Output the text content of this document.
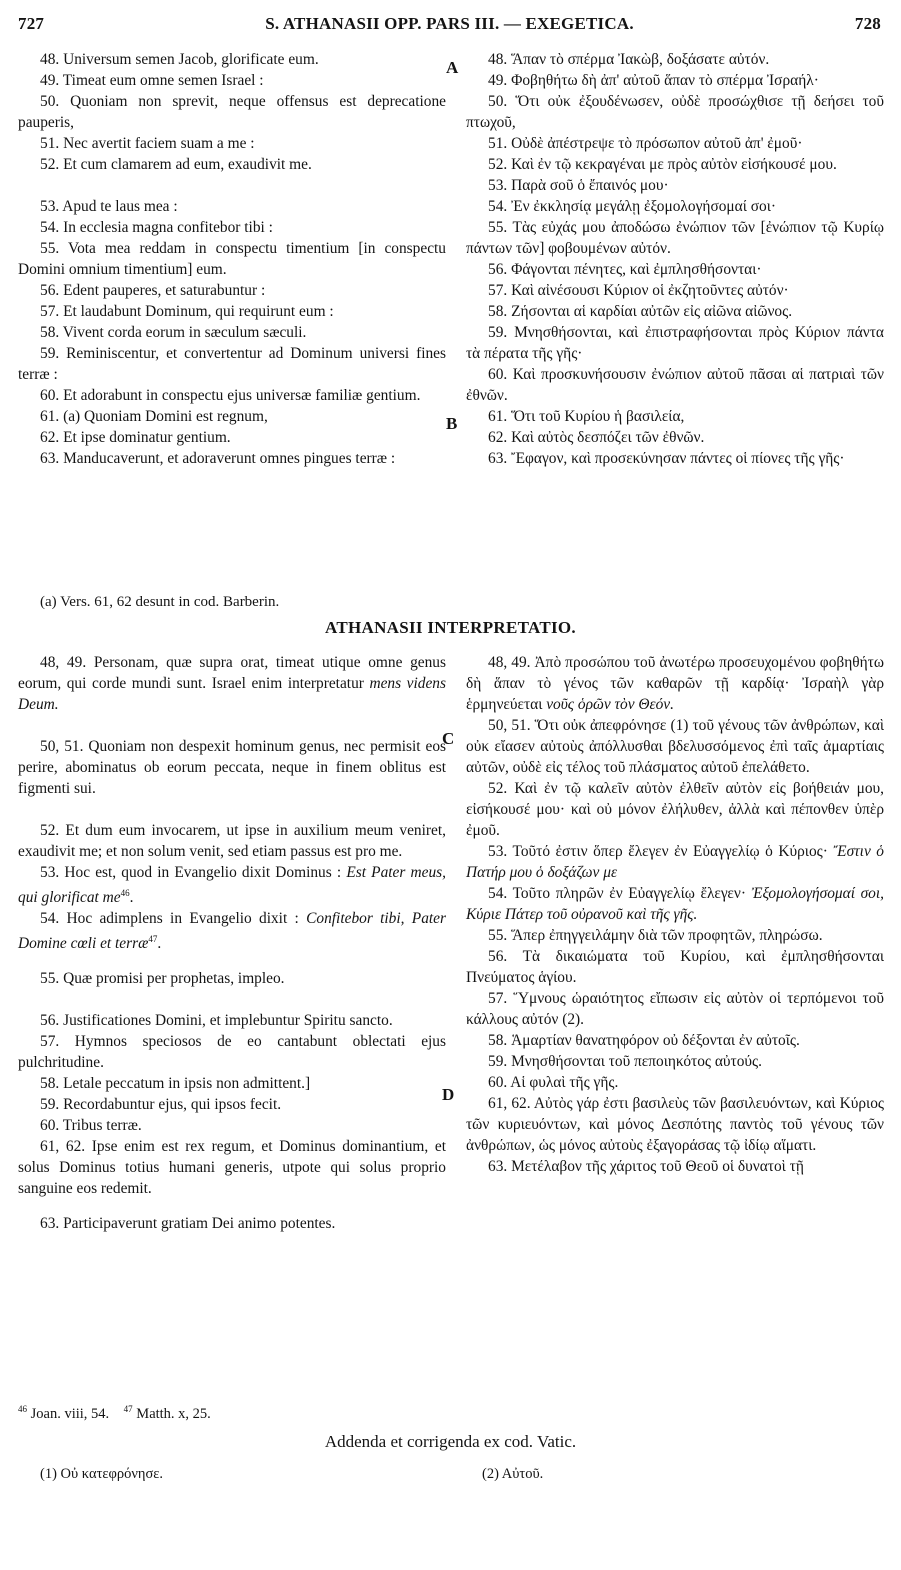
727	S. ATHANASII OPP. PARS III. — EXEGETICA.	728
A
B
C
D

48. Universum semen Jacob, glorificate eum.

49. Timeat eum omne semen Israel :

50. Quoniam non sprevit, neque offensus est deprecatione pauperis,

51. Nec avertit faciem suam a me :

52. Et cum clamarem ad eum, exaudivit me.

53. Apud te laus mea :

54. In ecclesia magna confitebor tibi :

55. Vota mea reddam in conspectu timentium [in conspectu Domini omnium timentium] eum.

56. Edent pauperes, et saturabuntur :

57. Et laudabunt Dominum, qui requirunt eum :

58. Vivent corda eorum in sæculum sæculi.

59. Reminiscentur, et convertentur ad Dominum universi fines terræ :

60. Et adorabunt in conspectu ejus universæ familiæ gentium.

61. (a) Quoniam Domini est regnum,

62. Et ipse dominatur gentium.

63. Manducaverunt, et adoraverunt omnes pingues terræ :

48. Ἅπαν τὸ σπέρμα Ἰακὼβ, δοξάσατε αὐτόν.

49. Φοβηθήτω δὴ ἀπ' αὐτοῦ ἅπαν τὸ σπέρμα Ἰσραήλ·

50. Ὅτι οὐκ ἐξουδένωσεν, οὐδὲ προσώχθισε τῇ δεήσει τοῦ πτωχοῦ,

51. Οὐδὲ ἀπέστρεψε τὸ πρόσωπον αὐτοῦ ἀπ' ἐμοῦ·

52. Καὶ ἐν τῷ κεκραγέναι με πρὸς αὐτὸν εἰσήκουσέ μου.

53. Παρὰ σοῦ ὁ ἔπαινός μου·

54. Ἐν ἐκκλησίᾳ μεγάλῃ ἐξομολογήσομαί σοι·

55. Τὰς εὐχάς μου ἀποδώσω ἐνώπιον τῶν [ἐνώπιον τῷ Κυρίῳ πάντων τῶν] φοβουμένων αὐτόν.

56. Φάγονται πένητες, καὶ ἐμπλησθήσονται·

57. Καὶ αἰνέσουσι Κύριον οἱ ἐκζητοῦντες αὐτόν·

58. Ζήσονται αἱ καρδίαι αὐτῶν εἰς αἰῶνα αἰῶνος.

59. Μνησθήσονται, καὶ ἐπιστραφήσονται πρὸς Κύριον πάντα τὰ πέρατα τῆς γῆς·

60. Καὶ προσκυνήσουσιν ἐνώπιον αὐτοῦ πᾶσαι αἱ πατριαὶ τῶν ἐθνῶν.

61. Ὅτι τοῦ Κυρίου ἡ βασιλεία,

62. Καὶ αὐτὸς δεσπόζει τῶν ἐθνῶν.

63. Ἔφαγον, καὶ προσεκύνησαν πάντες οἱ πίονες τῆς γῆς·

(a) Vers. 61, 62 desunt in cod. Barberin.
ATHANASII INTERPRETATIO.

48, 49. Personam, quæ supra orat, timeat utique omne genus eorum, qui corde mundi sunt. Israel enim interpretatur mens videns Deum.

50, 51. Quoniam non despexit hominum genus, nec permisit eos perire, abominatus ob eorum peccata, neque in finem oblitus est figmenti sui.

52. Et dum eum invocarem, ut ipse in auxilium meum veniret, exaudivit me; et non solum venit, sed etiam passus est pro me.

53. Hoc est, quod in Evangelio dixit Dominus : Est Pater meus, qui glorificat $me^{46}$.

54. Hoc adimplens in Evangelio dixit : Confitebor tibi, Pater Domine cœli et terræ$^{47}$.

55. Quæ promisi per prophetas, impleo.

56. Justificationes Domini, et implebuntur Spiritu sancto.

57. Hymnos speciosos de eo cantabunt oblectati ejus pulchritudine.

58. Letale peccatum in ipsis non admittent.]

59. Recordabuntur ejus, qui ipsos fecit.

60. Tribus terræ.

61, 62. Ipse enim est rex regum, et Dominus dominantium, et solus Dominus totius humani generis, utpote qui solus proprio sanguine eos redemit.

63. Participaverunt gratiam Dei animo potentes.

48, 49. Ἀπὸ προσώπου τοῦ ἀνωτέρω προσευχομένου φοβηθήτω δὴ ἅπαν τὸ γένος τῶν καθαρῶν τῇ καρδίᾳ· Ἰσραὴλ γὰρ ἑρμηνεύεται νοῦς ὁρῶν τὸν Θεόν.

50, 51. Ὅτι οὐκ ἀπεφρόνησε (1) τοῦ γένους τῶν ἀνθρώπων, καὶ οὐκ εἴασεν αὐτοὺς ἀπόλλυσθαι βδελυσσόμενος ἐπὶ ταῖς ἁμαρτίαις αὐτῶν, οὐδὲ εἰς τέλος τοῦ πλάσματος αὐτοῦ ἐπελάθετο.

52. Καὶ ἐν τῷ καλεῖν αὐτὸν ἐλθεῖν αὐτὸν εἰς βοήθειάν μου, εἰσήκουσέ μου· καὶ οὐ μόνον ἐλήλυθεν, ἀλλὰ καὶ πέπονθεν ὑπὲρ ἐμοῦ.

53. Τοῦτό ἐστιν ὅπερ ἔλεγεν ἐν Εὐαγγελίῳ ὁ Κύριος· Ἔστιν ὁ Πατήρ μου ὁ δοξάζων με

54. Τοῦτο πληρῶν ἐν Εὐαγγελίῳ ἔλεγεν· Ἐξομολογήσομαί σοι, Κύριε Πάτερ τοῦ οὐρανοῦ καὶ τῆς γῆς.

55. Ἅπερ ἐπηγγειλάμην διὰ τῶν προφητῶν, πληρώσω.

56. Τὰ δικαιώματα τοῦ Κυρίου, καὶ ἐμπλησθήσονται Πνεύματος ἁγίου.

57. Ὕμνους ὡραιότητος εἴπωσιν εἰς αὐτὸν οἱ τερπόμενοι τοῦ κάλλους αὐτόν (2).

58. Ἁμαρτίαν θανατηφόρον οὐ δέξονται ἐν αὐτοῖς.

59. Μνησθήσονται τοῦ πεποιηκότος αὐτούς.

60. Αἱ φυλαὶ τῆς γῆς.

61, 62. Αὐτὸς γάρ ἐστι βασιλεὺς τῶν βασιλευόντων, καὶ Κύριος τῶν κυριευόντων, καὶ μόνος Δεσπότης παντὸς τοῦ γένους τῶν ἀνθρώπων, ὡς μόνος αὐτοὺς ἐξαγοράσας τῷ ἰδίῳ αἵματι.

63. Μετέλαβον τῆς χάριτος τοῦ Θεοῦ οἱ δυνατοὶ τῇ

$^{46}$ Joan. viii, 54. $^{47}$ Matth. x, 25.
Addenda et corrigenda ex cod. Vatic.
(1) Οὐ κατεφρόνησε.	(2) Αὐτοῦ.
